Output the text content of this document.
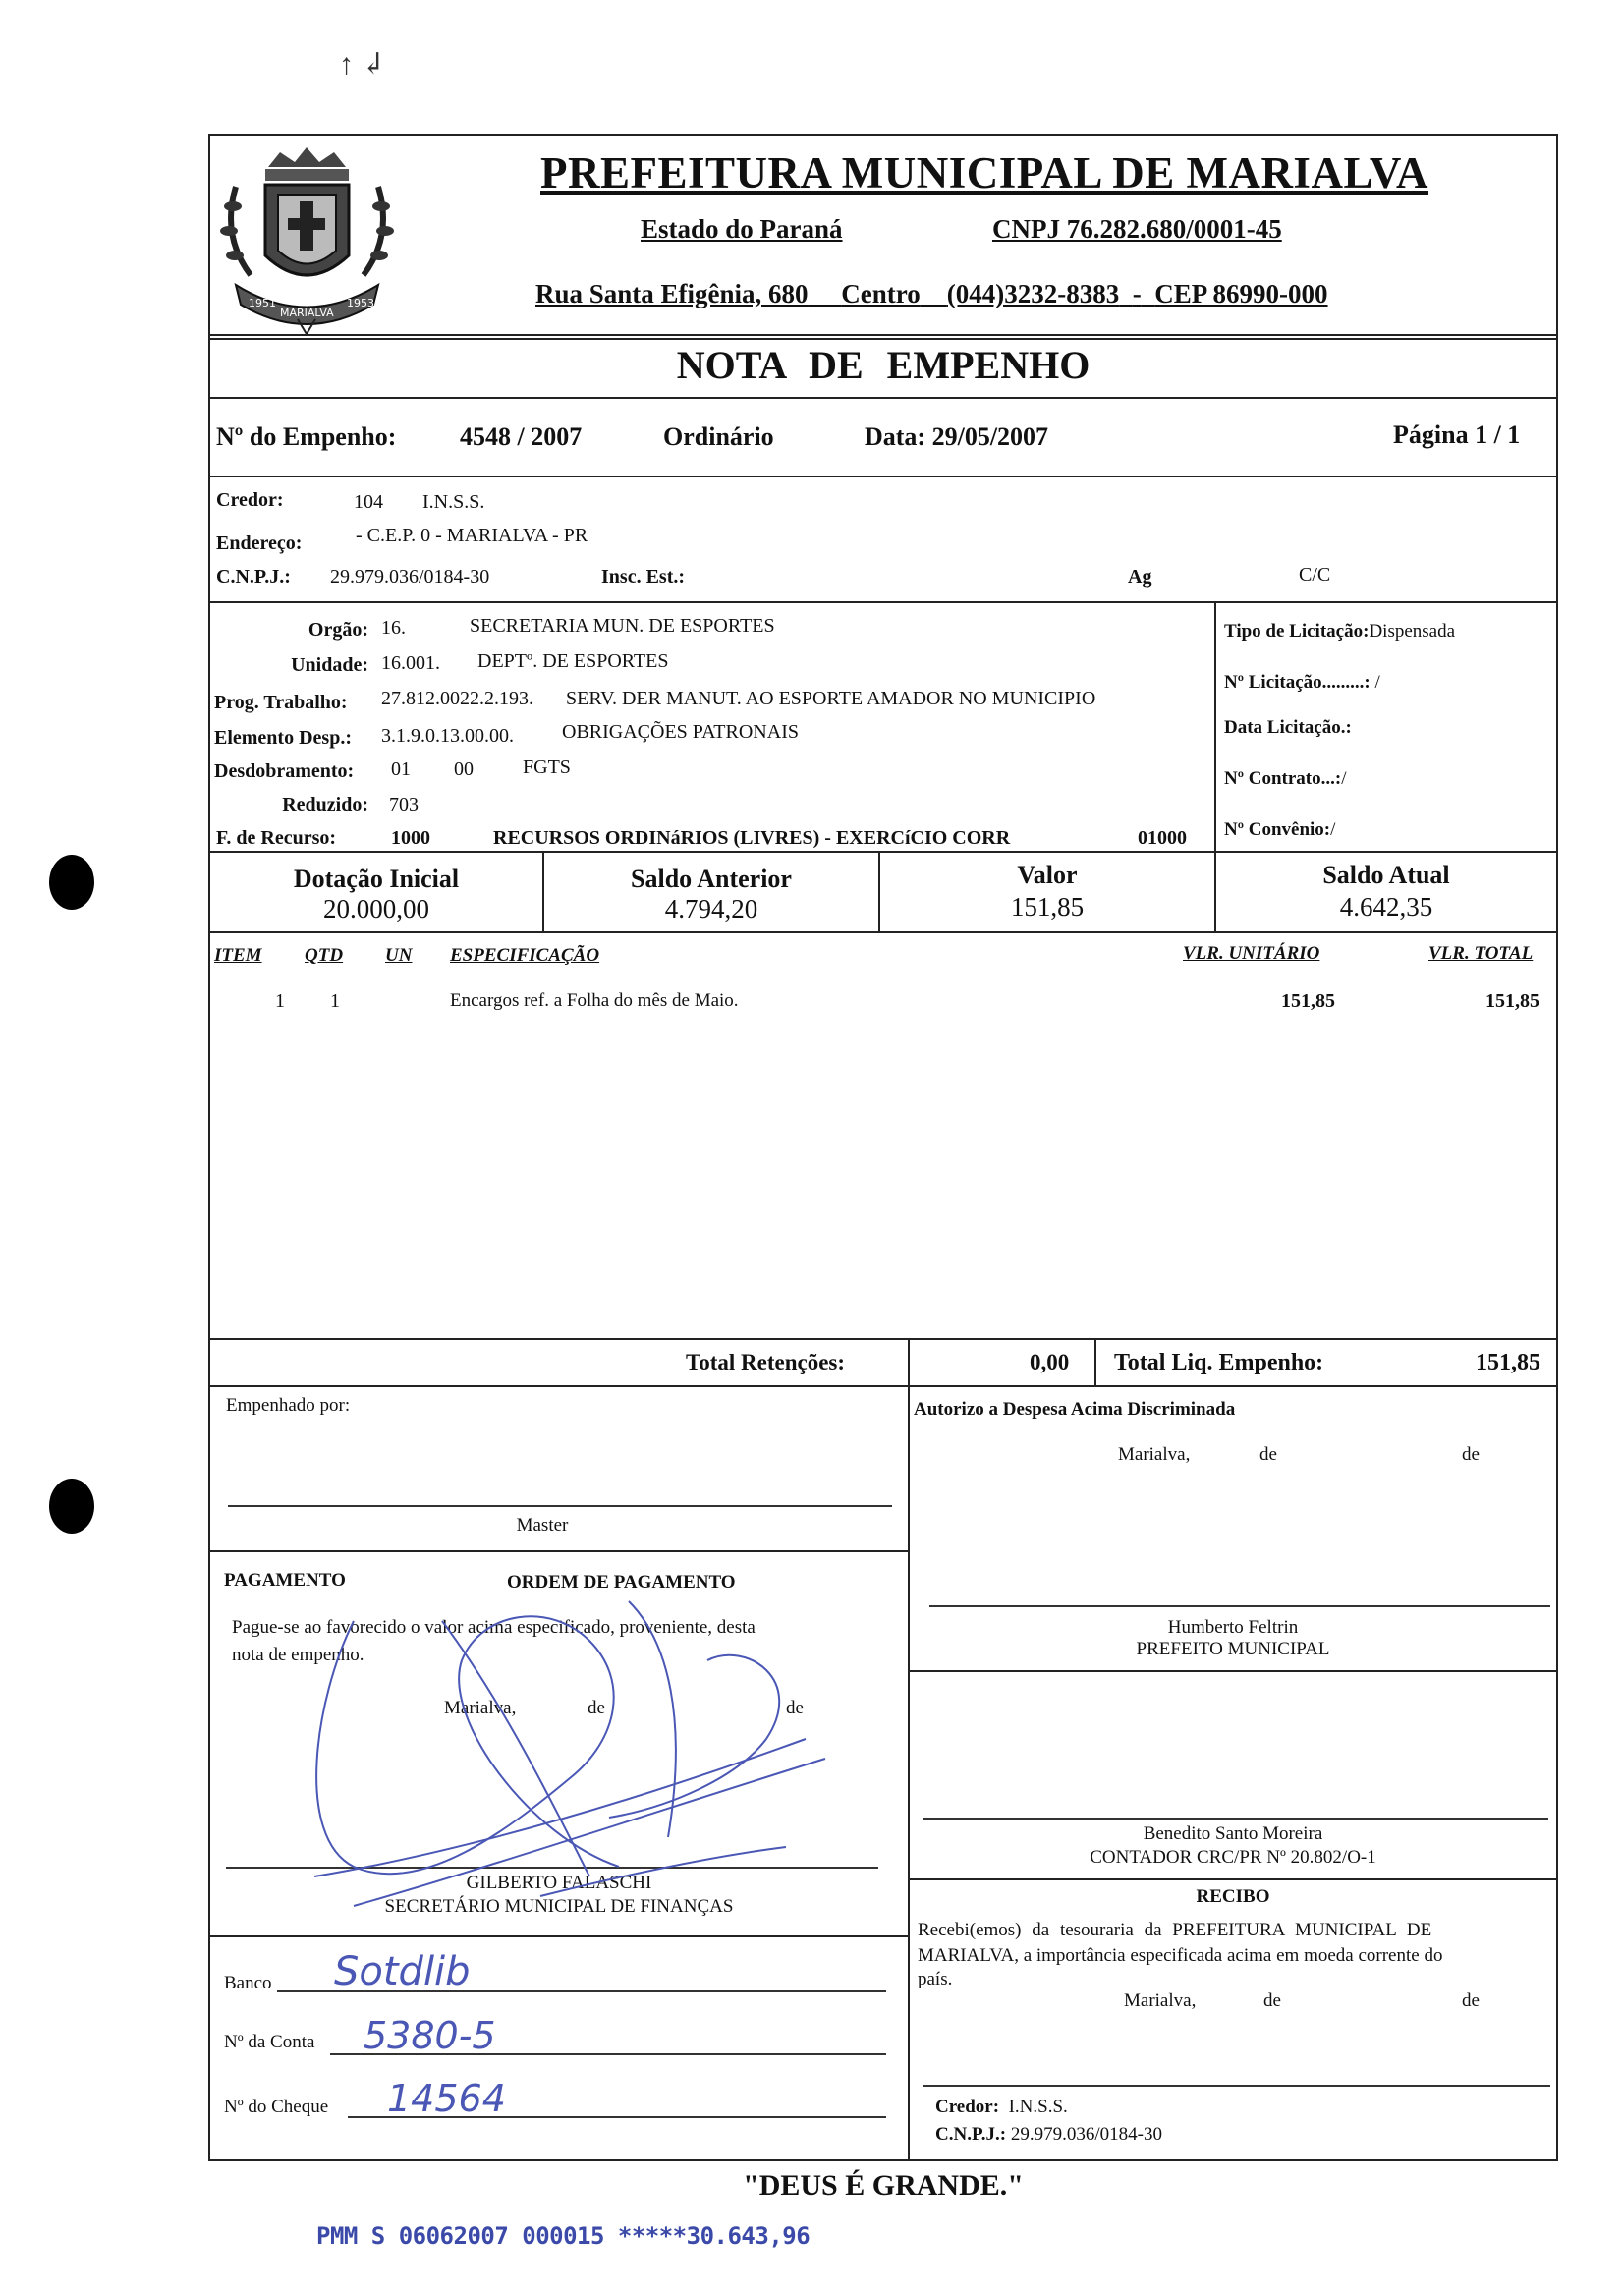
↑ ↲
1951
MARIALVA
1953
PREFEITURA MUNICIPAL DE MARIALVA
Estado do Paraná	CNPJ 76.282.680/0001-45
Rua Santa Efigênia, 680 Centro (044)3232-8383 - CEP 86990-000
NOTA DE EMPENHO
Nº do Empenho: 4548 / 2007	Ordinário	Data: 29/05/2007	Página 1 / 1
Credor:	104 I.N.S.S.
Endereço:	- C.E.P. 0 - MARIALVA - PR
C.N.P.J.: 29.979.036/0184-30	Insc. Est.:	Ag	C/C
Orgão: 16.	SECRETARIA MUN. DE ESPORTES
Unidade: 16.001. DEPTº. DE ESPORTES
Prog. Trabalho: 27.812.0022.2.193. SERV. DER MANUT. AO ESPORTE AMADOR NO MUNICIPIO
Elemento Desp.: 3.1.9.0.13.00.00. OBRIGAÇÕES PATRONAIS
Desdobramento: 01 00	FGTS
Reduzido: 703
F. de Recurso:	1000	RECURSOS ORDINáRIOS (LIVRES) - EXERCíCIO CORR	01000
Tipo de Licitação:Dispensada
Nº Licitação.........: /
Data Licitação.:
Nº Contrato...:/
Nº Convênio:/
Dotação Inicial
20.000,00
Saldo Anterior
4.794,20
Valor
151,85
Saldo Atual
4.642,35
ITEM QTD UN ESPECIFICAÇÃO	VLR. UNITÁRIO	VLR. TOTAL
1 1	Encargos ref. a Folha do mês de Maio.	151,85	151,85
Total Retenções:	0,00 Total Liq. Empenho:	151,85
Empenhado por:
Master
Autorizo a Despesa Acima Discriminada
Marialva,	de	de
Humberto Feltrin
PREFEITO MUNICIPAL
Benedito Santo Moreira
CONTADOR CRC/PR Nº 20.802/O-1
PAGAMENTO	ORDEM DE PAGAMENTO
Pague-se ao favorecido o valor acima especificado, proveniente, desta
nota de empenho.
Marialva,	de	de
GILBERTO FALASCHI
SECRETÁRIO MUNICIPAL DE FINANÇAS
Banco Sotdlib
Nº da Conta 5380-5
Nº do Cheque 14564
RECIBO
Recebi(emos) da tesouraria da PREFEITURA MUNICIPAL DE
MARIALVA, a importância especificada acima em moeda corrente do
país.
Marialva,	de	de
Credor: I.N.S.S.
C.N.P.J.: 29.979.036/0184-30
"DEUS É GRANDE."
PMM S 06062007 000015 *****30.643,96
